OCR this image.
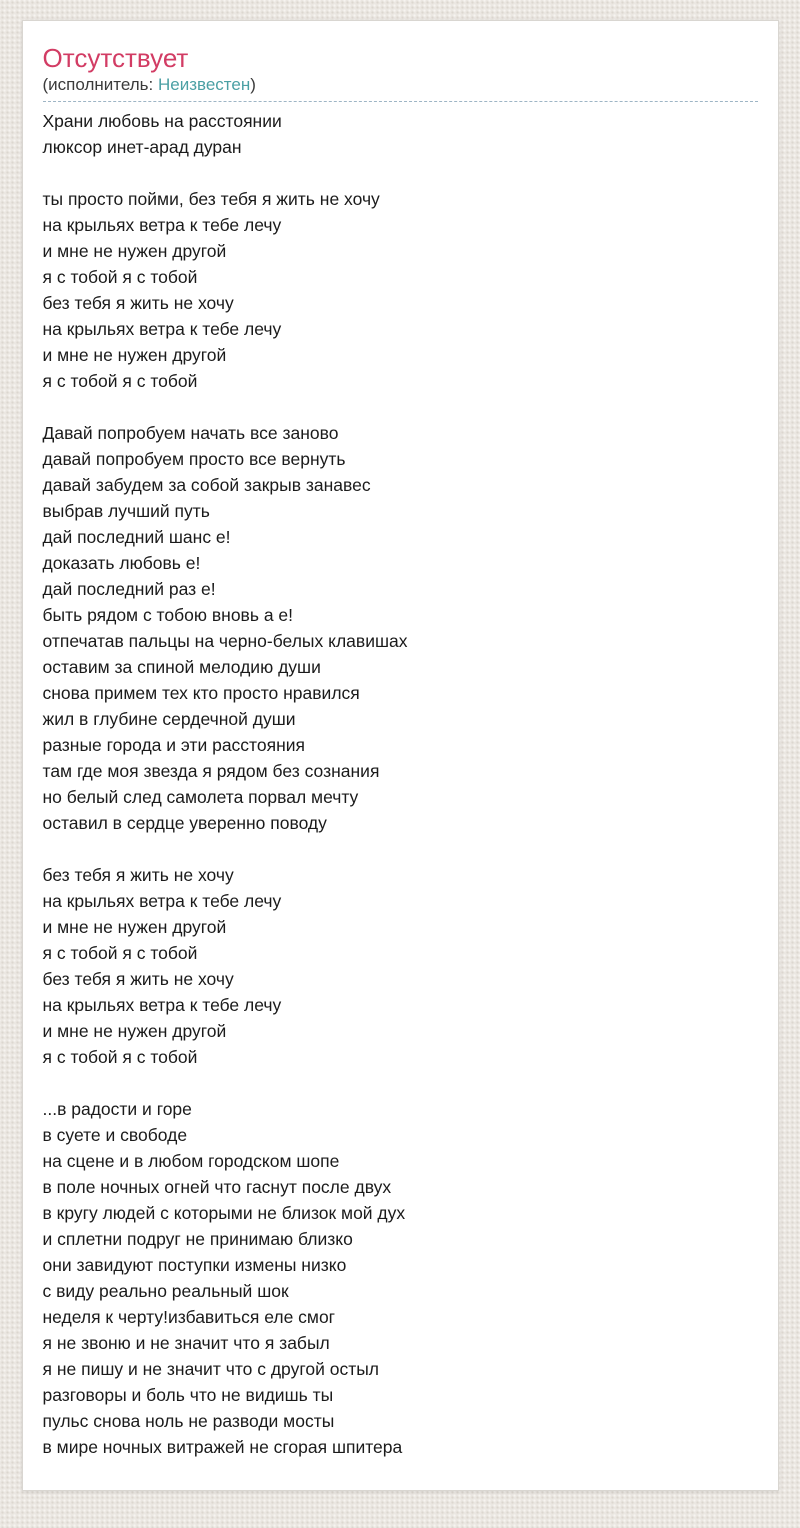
Отсутствует
(исполнитель: Неизвестен)
Храни любовь на расстоянии
люксор инет-арад дуран

ты просто пойми, без тебя я жить не хочу
на крыльях ветра к тебе лечу
и мне не нужен другой
я с тобой я с тобой
без тебя я жить не хочу
на крыльях ветра к тебе лечу
и мне не нужен другой
я с тобой я с тобой

Давай попробуем начать все заново
давай попробуем просто все вернуть
давай забудем за собой закрыв занавес
выбрав лучший путь
дай последний шанс е!
доказать любовь е!
дай последний раз е!
быть рядом с тобою вновь а е!
отпечатав пальцы на черно-белых клавишах
оставим за спиной мелодию души
снова примем тех кто просто нравился
жил в глубине сердечной души
разные города и эти расстояния
там где моя звезда я рядом без сознания
но белый след самолета порвал мечту
оставил в сердце уверенно поводу

без тебя я жить не хочу
на крыльях ветра к тебе лечу
и мне не нужен другой
я с тобой я с тобой
без тебя я жить не хочу
на крыльях ветра к тебе лечу
и мне не нужен другой
я с тобой я с тобой

...в радости и горе
в суете и свободе
на сцене и в любом городском шопе
в поле ночных огней что гаснут после двух
в кругу людей с которыми не близок мой дух
и сплетни подруг не принимаю близко
они завидуют поступки измены низко
с виду реально реальный шок
неделя к черту!избавиться еле смог
я не звоню и не значит что я забыл
я не пишу и не значит что с другой остыл
разговоры и боль что не видишь ты
пульс снова ноль не разводи мосты
в мире ночных витражей не сгорая шпитера
